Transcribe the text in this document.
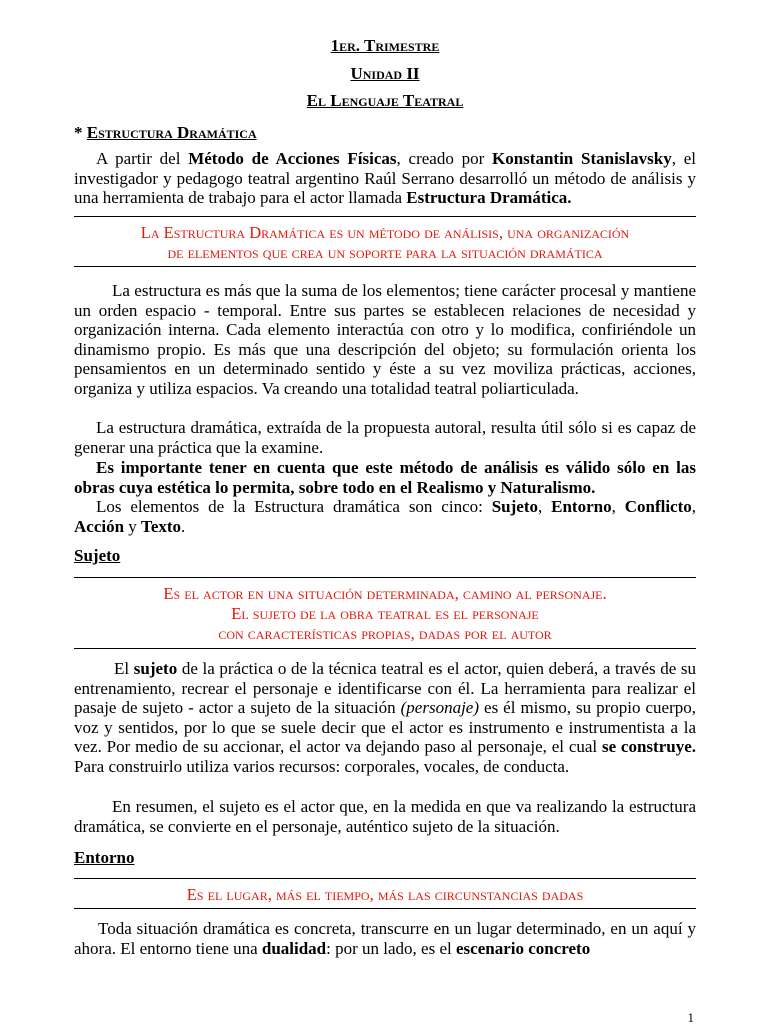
1er. Trimestre
Unidad II
El Lenguaje Teatral
* Estructura Dramática

A partir del Método de Acciones Físicas, creado por Konstantin Stanislavsky, el investigador y pedagogo teatral argentino Raúl Serrano desarrolló un método de análisis y una herramienta de trabajo para el actor llamada Estructura Dramática.

La Estructura Dramática es un método de análisis, una organización
de elementos que crea un soporte para la situación dramática

La estructura es más que la suma de los elementos; tiene carácter procesal y mantiene un orden espacio - temporal. Entre sus partes se establecen relaciones de necesidad y organización interna. Cada elemento interactúa con otro y lo modifica, confiriéndole un dinamismo propio. Es más que una descripción del objeto; su formulación orienta los pensamientos en un determinado sentido y éste a su vez moviliza prácticas, acciones, organiza y utiliza espacios. Va creando una totalidad teatral poliarticulada.

La estructura dramática, extraída de la propuesta autoral, resulta útil sólo si es capaz de generar una práctica que la examine.

Es importante tener en cuenta que este método de análisis es válido sólo en las obras cuya estética lo permita, sobre todo en el Realismo y Naturalismo.

Los elementos de la Estructura dramática son cinco: Sujeto, Entorno, Conflicto, Acción y Texto.

Sujeto
Es el actor en una situación determinada, camino al personaje.
El sujeto de la obra teatral es el personaje
con características propias, dadas por el autor

El sujeto de la práctica o de la técnica teatral es el actor, quien deberá, a través de su entrenamiento, recrear el personaje e identificarse con él. La herramienta para realizar el pasaje de sujeto - actor a sujeto de la situación (personaje) es él mismo, su propio cuerpo, voz y sentidos, por lo que se suele decir que el actor es instrumento e instrumentista a la vez. Por medio de su accionar, el actor va dejando paso al personaje, el cual se construye. Para construirlo utiliza varios recursos: corporales, vocales, de conducta.

En resumen, el sujeto es el actor que, en la medida en que va realizando la estructura dramática, se convierte en el personaje, auténtico sujeto de la situación.

Entorno
Es el lugar, más el tiempo, más las circunstancias dadas

Toda situación dramática es concreta, transcurre en un lugar determinado, en un aquí y ahora. El entorno tiene una dualidad: por un lado, es el escenario concreto

1
